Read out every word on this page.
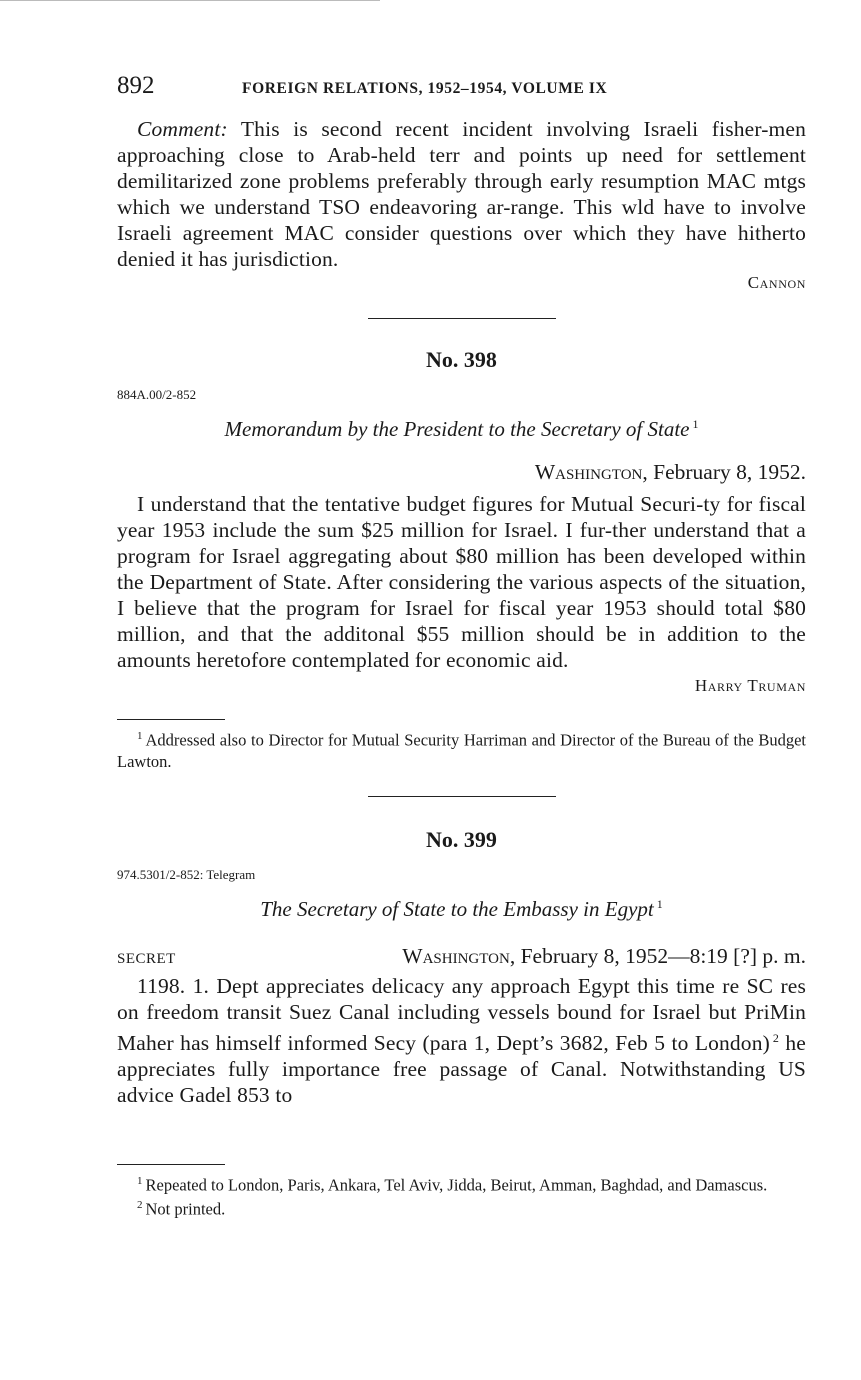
892	FOREIGN RELATIONS, 1952–1954, VOLUME IX

Comment: This is second recent incident involving Israeli fisher-men approaching close to Arab-held terr and points up need for settlement demilitarized zone problems preferably through early resumption MAC mtgs which we understand TSO endeavoring ar-range. This wld have to involve Israeli agreement MAC consider questions over which they have hitherto denied it has jurisdiction.

Cannon
No. 398
884A.00/2-852
Memorandum by the President to the Secretary of State $^1$
Washington, February 8, 1952.

I understand that the tentative budget figures for Mutual Securi-ty for fiscal year 1953 include the sum $25 million for Israel. I fur-ther understand that a program for Israel aggregating about $80 million has been developed within the Department of State. After considering the various aspects of the situation, I believe that the program for Israel for fiscal year 1953 should total $80 million, and that the additonal $55 million should be in addition to the amounts heretofore contemplated for economic aid.

Harry Truman

$^1$ Addressed also to Director for Mutual Security Harriman and Director of the Bureau of the Budget Lawton.

No. 399
974.5301/2-852: Telegram
The Secretary of State to the Embassy in Egypt $^1$
SECRET	Washington, February 8, 1952—8:19 [?] p. m.

1198. 1. Dept appreciates delicacy any approach Egypt this time re SC res on freedom transit Suez Canal including vessels bound for Israel but PriMin Maher has himself informed Secy (para 1, Dept’s 3682, Feb 5 to London) $^2$ he appreciates fully importance free passage of Canal. Notwithstanding US advice Gadel 853 to

$^1$ Repeated to London, Paris, Ankara, Tel Aviv, Jidda, Beirut, Amman, Baghdad, and Damascus.

$^2$ Not printed.
